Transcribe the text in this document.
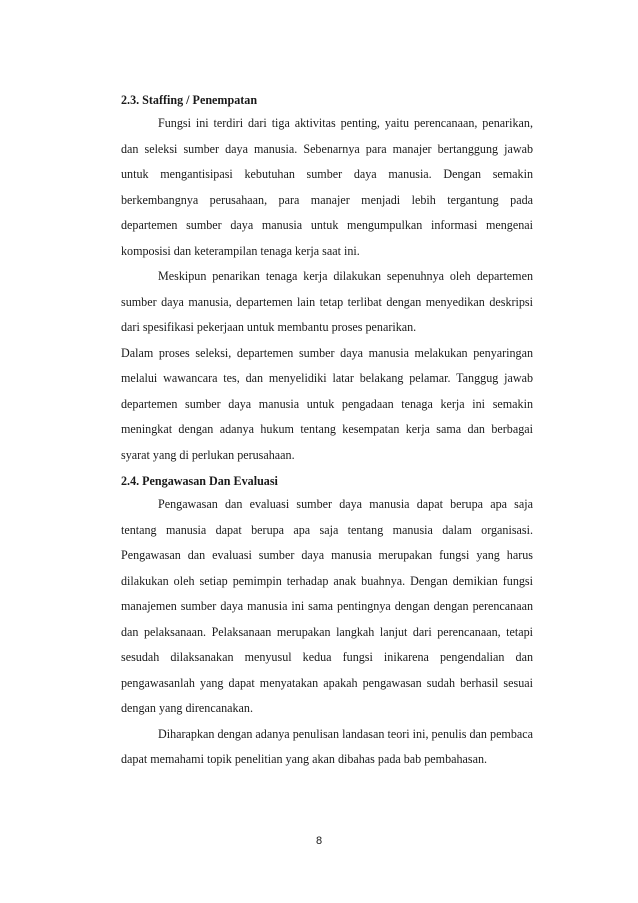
2.3. Staffing / Penempatan

Fungsi ini terdiri dari tiga aktivitas penting, yaitu perencanaan, penarikan, dan seleksi sumber daya manusia. Sebenarnya para manajer bertanggung jawab untuk mengantisipasi kebutuhan sumber daya manusia. Dengan semakin berkembangnya perusahaan, para manajer menjadi lebih tergantung pada departemen sumber daya manusia untuk mengumpulkan informasi mengenai komposisi dan keterampilan tenaga kerja saat ini.

Meskipun penarikan tenaga kerja dilakukan sepenuhnya oleh departemen sumber daya manusia, departemen lain tetap terlibat dengan menyedikan deskripsi dari spesifikasi pekerjaan untuk membantu proses penarikan.

Dalam proses seleksi, departemen sumber daya manusia melakukan penyaringan melalui wawancara tes, dan menyelidiki latar belakang pelamar. Tanggug jawab departemen sumber daya manusia untuk pengadaan tenaga kerja ini semakin meningkat dengan adanya hukum tentang kesempatan kerja sama dan berbagai syarat yang di perlukan perusahaan.

2.4. Pengawasan Dan Evaluasi

Pengawasan dan evaluasi sumber daya manusia dapat berupa apa saja tentang manusia dapat berupa apa saja tentang manusia dalam organisasi. Pengawasan dan evaluasi sumber daya manusia merupakan fungsi yang harus dilakukan oleh setiap pemimpin terhadap anak buahnya. Dengan demikian fungsi manajemen sumber daya manusia ini sama pentingnya dengan dengan perencanaan dan pelaksanaan. Pelaksanaan merupakan langkah lanjut dari perencanaan, tetapi sesudah dilaksanakan menyusul kedua fungsi inikarena pengendalian dan pengawasanlah yang dapat menyatakan apakah pengawasan sudah berhasil sesuai dengan yang direncanakan.

Diharapkan dengan adanya penulisan landasan teori ini, penulis dan pembaca dapat memahami topik penelitian yang akan dibahas pada bab pembahasan.

8
